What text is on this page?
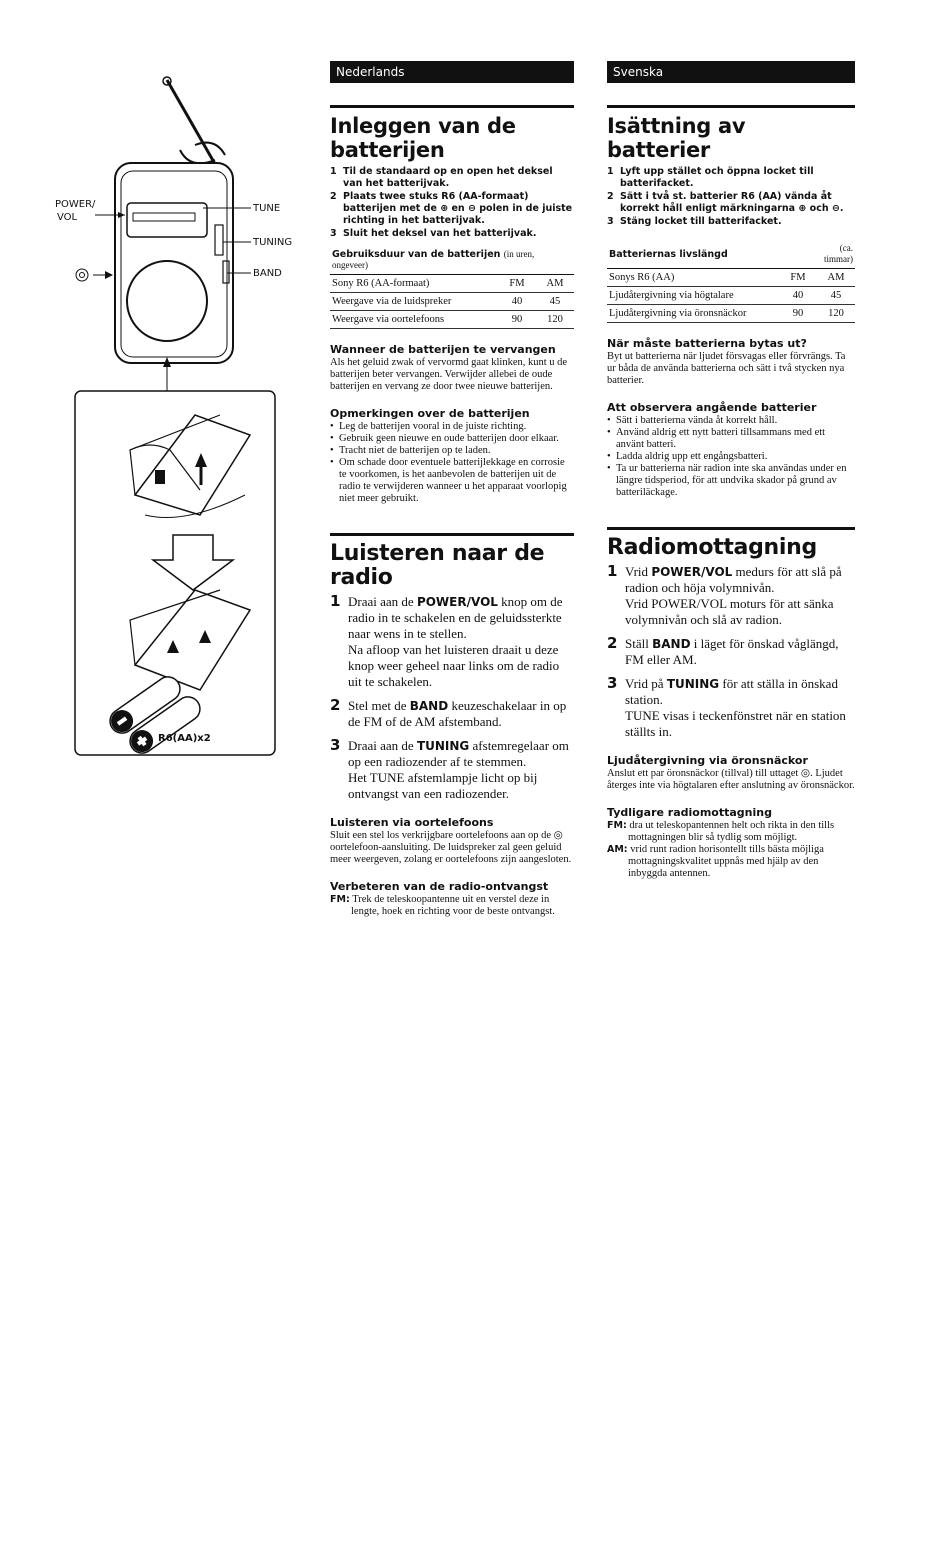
POWER/
VOL
TUNE
TUNING
BAND
R6(AA)x2
Nederlands
Inleggen van de batterijen
1 Til de standaard op en open het deksel van het batterijvak.
2 Plaats twee stuks R6 (AA-formaat) batterijen met de ⊕ en ⊖ polen in de juiste richting in het batterijvak.
3 Sluit het deksel van het batterijvak.
Gebruiksduur van de batterijen (in uren, ongeveer)		
Sony R6 (AA-formaat)	FM	AM
Weergave via de luidspreker	40	45
Weergave via oortelefoons	90	120
Wanneer de batterijen te vervangen

Als het geluid zwak of vervormd gaat klinken, kunt u de batterijen beter vervangen. Verwijder allebei de oude batterijen en vervang ze door twee nieuwe batterijen.

Opmerkingen over de batterijen
• Leg de batterijen vooral in de juiste richting.
• Gebruik geen nieuwe en oude batterijen door elkaar.
• Tracht niet de batterijen op te laden.
• Om schade door eventuele batterijlekkage en corrosie te voorkomen, is het aanbevolen de batterijen uit de radio te verwijderen wanneer u het apparaat voorlopig niet meer gebruikt.
Luisteren naar de radio
1 Draai aan de POWER/VOL knop om de radio in te schakelen en de geluidssterkte naar wens in te stellen.
Na afloop van het luisteren draait u deze knop weer geheel naar links om de radio uit te schakelen.
2 Stel met de BAND keuzeschakelaar in op de FM of de AM afstemband.
3 Draai aan de TUNING afstemregelaar om op een radiozender af te stemmen.
Het TUNE afstemlampje licht op bij ontvangst van een radiozender.
Luisteren via oortelefoons

Sluit een stel los verkrijgbare oortelefoons aan op de ◎ oortelefoon-aansluiting. De luidspreker zal geen geluid meer weergeven, zolang er oortelefoons zijn aangesloten.

Verbeteren van de radio-ontvangst

FM: Trek de teleskoopantenne uit en verstel deze in lengte, hoek en richting voor de beste ontvangst.

Svenska
Isättning av batterier
1 Lyft upp stället och öppna locket till batterifacket.
2 Sätt i två st. batterier R6 (AA) vända åt korrekt håll enligt märkningarna ⊕ och ⊖.
3 Stäng locket till batterifacket.
Batteriernas livslängd		(ca. timmar)
Sonys R6 (AA)	FM	AM
Ljudåtergivning via högtalare	40	45
Ljudåtergivning via öronsnäckor	90	120
När måste batterierna bytas ut?

Byt ut batterierna när ljudet försvagas eller förvrängs. Ta ur båda de använda batterierna och sätt i två stycken nya batterier.

Att observera angående batterier
• Sätt i batterierna vända åt korrekt håll.
• Använd aldrig ett nytt batteri tillsammans med ett använt batteri.
• Ladda aldrig upp ett engångsbatteri.
• Ta ur batterierna när radion inte ska användas under en längre tidsperiod, för att undvika skador på grund av batteriläckage.
Radiomottagning
1 Vrid POWER/VOL medurs för att slå på radion och höja volymnivån.
Vrid POWER/VOL moturs för att sänka volymnivån och slå av radion.
2 Ställ BAND i läget för önskad våglängd, FM eller AM.
3 Vrid på TUNING för att ställa in önskad station.
TUNE visas i teckenfönstret när en station ställts in.
Ljudåtergivning via öronsnäckor

Anslut ett par öronsnäckor (tillval) till uttaget ◎. Ljudet återges inte via högtalaren efter anslutning av öronsnäckor.

Tydligare radiomottagning

FM: dra ut teleskopantennen helt och rikta in den tills mottagningen blir så tydlig som möjligt.

AM: vrid runt radion horisontellt tills bästa möjliga mottagningskvalitet uppnås med hjälp av den inbyggda antennen.
